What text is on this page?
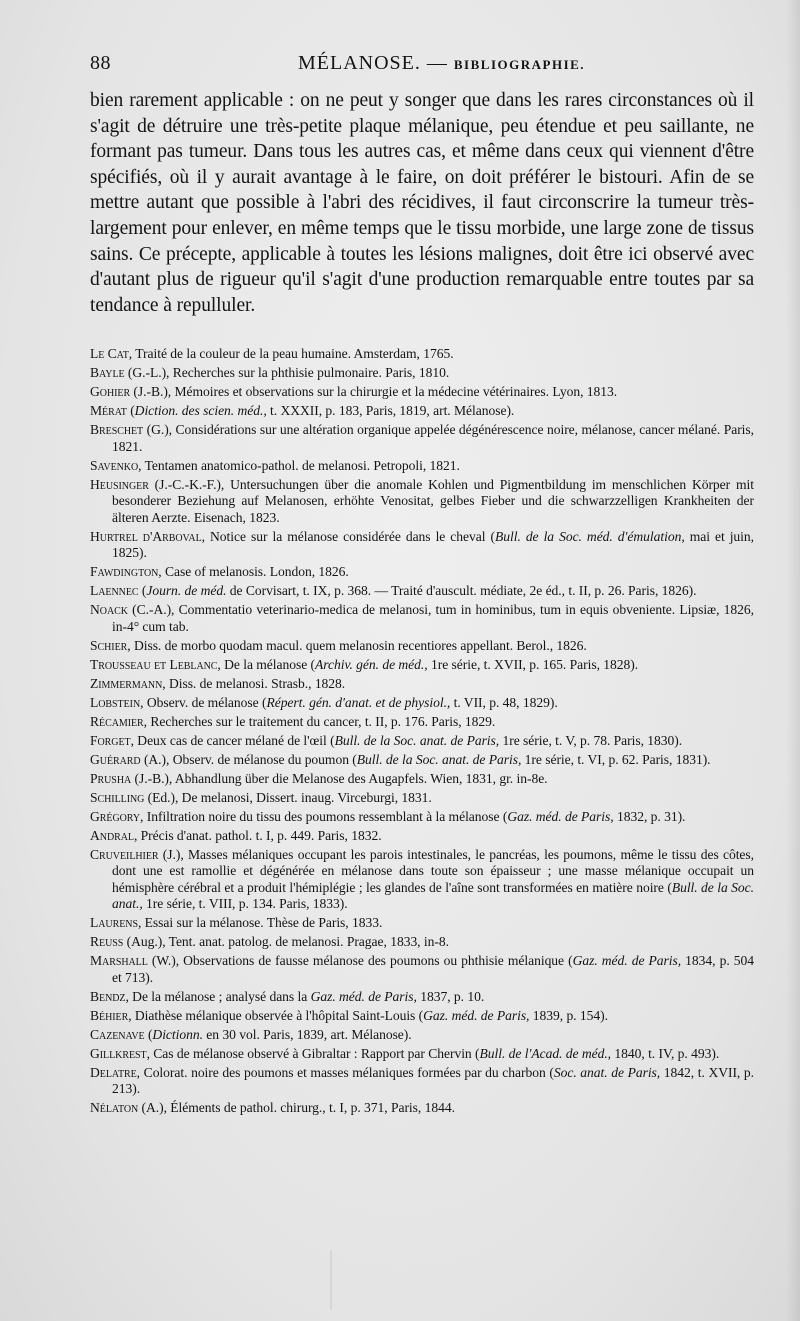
88	MÉLANOSE. — BIBLIOGRAPHIE.

bien rarement applicable : on ne peut y songer que dans les rares circonstances où il s'agit de détruire une très-petite plaque mélanique, peu étendue et peu saillante, ne formant pas tumeur. Dans tous les autres cas, et même dans ceux qui viennent d'être spécifiés, où il y aurait avantage à le faire, on doit préférer le bistouri. Afin de se mettre autant que possible à l'abri des récidives, il faut circonscrire la tumeur très-largement pour enlever, en même temps que le tissu morbide, une large zone de tissus sains. Ce précepte, applicable à toutes les lésions malignes, doit être ici observé avec d'autant plus de rigueur qu'il s'agit d'une production remarquable entre toutes par sa tendance à repulluler.

Le Cat, Traité de la couleur de la peau humaine. Amsterdam, 1765.

Bayle (G.-L.), Recherches sur la phthisie pulmonaire. Paris, 1810.

Gohier (J.-B.), Mémoires et observations sur la chirurgie et la médecine vétérinaires. Lyon, 1813.

Mérat (Diction. des scien. méd., t. XXXII, p. 183, Paris, 1819, art. Mélanose).

Breschet (G.), Considérations sur une altération organique appelée dégénérescence noire, mélanose, cancer mélané. Paris, 1821.

Savenko, Tentamen anatomico-pathol. de melanosi. Petropoli, 1821.

Heusinger (J.-C.-K.-F.), Untersuchungen über die anomale Kohlen und Pigmentbildung im menschlichen Körper mit besonderer Beziehung auf Melanosen, erhöhte Venositat, gelbes Fieber und die schwarzzelligen Krankheiten der älteren Aerzte. Eisenach, 1823.

Hurtrel d'Arboval, Notice sur la mélanose considérée dans le cheval (Bull. de la Soc. méd. d'émulation, mai et juin, 1825).

Fawdington, Case of melanosis. London, 1826.

Laennec (Journ. de méd. de Corvisart, t. IX, p. 368. — Traité d'auscult. médiate, 2e éd., t. II, p. 26. Paris, 1826).

Noack (C.-A.), Commentatio veterinario-medica de melanosi, tum in hominibus, tum in equis obveniente. Lipsiæ, 1826, in-4° cum tab.

Schier, Diss. de morbo quodam macul. quem melanosin recentiores appellant. Berol., 1826.

Trousseau et Leblanc, De la mélanose (Archiv. gén. de méd., 1re série, t. XVII, p. 165. Paris, 1828).

Zimmermann, Diss. de melanosi. Strasb., 1828.

Lobstein, Observ. de mélanose (Répert. gén. d'anat. et de physiol., t. VII, p. 48, 1829).

Récamier, Recherches sur le traitement du cancer, t. II, p. 176. Paris, 1829.

Forget, Deux cas de cancer mélané de l'œil (Bull. de la Soc. anat. de Paris, 1re série, t. V, p. 78. Paris, 1830).

Guérard (A.), Observ. de mélanose du poumon (Bull. de la Soc. anat. de Paris, 1re série, t. VI, p. 62. Paris, 1831).

Prusha (J.-B.), Abhandlung über die Melanose des Augapfels. Wien, 1831, gr. in-8e.

Schilling (Ed.), De melanosi, Dissert. inaug. Virceburgi, 1831.

Grégory, Infiltration noire du tissu des poumons ressemblant à la mélanose (Gaz. méd. de Paris, 1832, p. 31).

Andral, Précis d'anat. pathol. t. I, p. 449. Paris, 1832.

Cruveilhier (J.), Masses mélaniques occupant les parois intestinales, le pancréas, les poumons, même le tissu des côtes, dont une est ramollie et dégénérée en mélanose dans toute son épaisseur ; une masse mélanique occupait un hémisphère cérébral et a produit l'hémiplégie ; les glandes de l'aîne sont transformées en matière noire (Bull. de la Soc. anat., 1re série, t. VIII, p. 134. Paris, 1833).

Laurens, Essai sur la mélanose. Thèse de Paris, 1833.

Reuss (Aug.), Tent. anat. patolog. de melanosi. Pragae, 1833, in-8.

Marshall (W.), Observations de fausse mélanose des poumons ou phthisie mélanique (Gaz. méd. de Paris, 1834, p. 504 et 713).

Bendz, De la mélanose ; analysé dans la Gaz. méd. de Paris, 1837, p. 10.

Béhier, Diathèse mélanique observée à l'hôpital Saint-Louis (Gaz. méd. de Paris, 1839, p. 154).

Cazenave (Dictionn. en 30 vol. Paris, 1839, art. Mélanose).

Gillkrest, Cas de mélanose observé à Gibraltar : Rapport par Chervin (Bull. de l'Acad. de méd., 1840, t. IV, p. 493).

Delatre, Colorat. noire des poumons et masses mélaniques formées par du charbon (Soc. anat. de Paris, 1842, t. XVII, p. 213).

Nélaton (A.), Éléments de pathol. chirurg., t. I, p. 371, Paris, 1844.
